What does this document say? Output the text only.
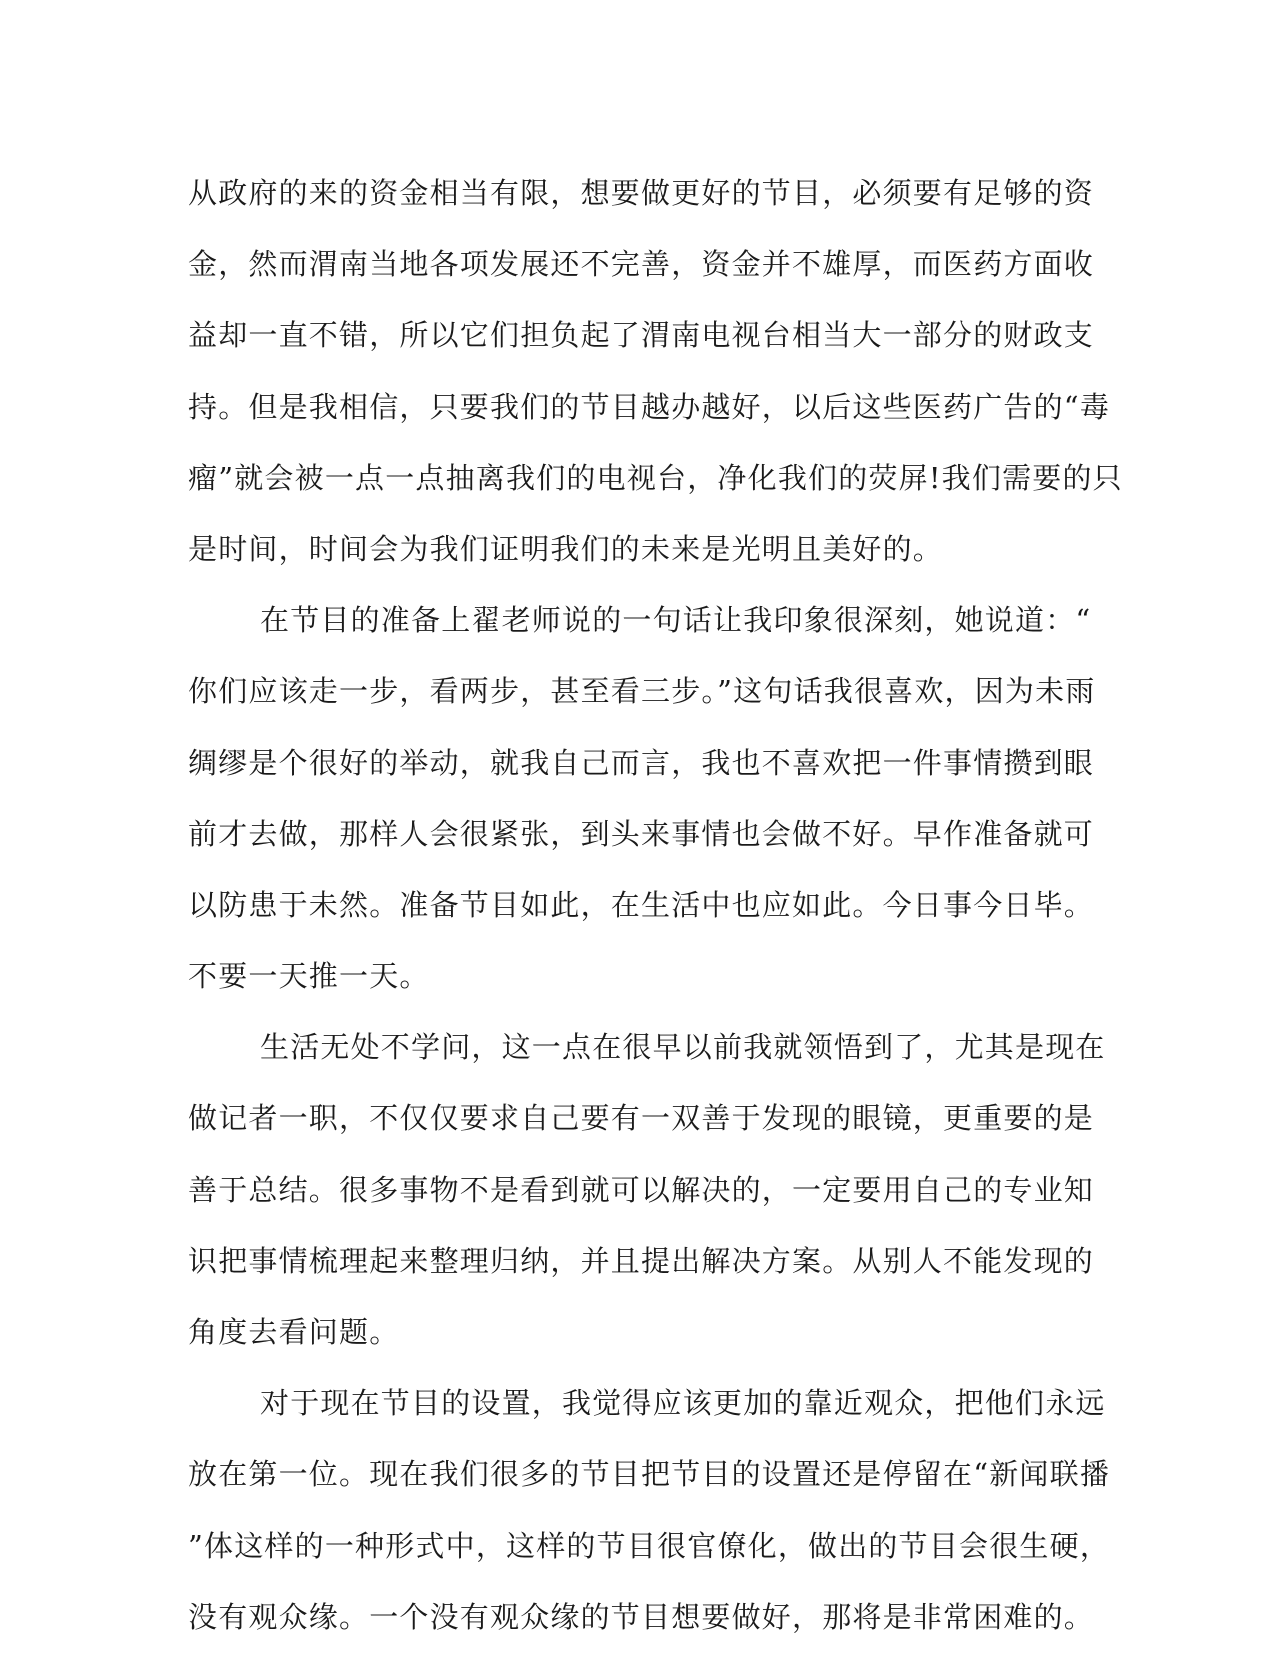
从政府的来的资金相当有限，想要做更好的节目，必须要有足够的资
金，然而渭南当地各项发展还不完善，资金并不雄厚，而医药方面收
益却一直不错，所以它们担负起了渭南电视台相当大一部分的财政支
持。但是我相信，只要我们的节目越办越好，以后这些医药广告的“毒
瘤”就会被一点一点抽离我们的电视台，净化我们的荧屏!我们需要的只
是时间，时间会为我们证明我们的未来是光明且美好的。
在节目的准备上翟老师说的一句话让我印象很深刻，她说道：“
你们应该走一步，看两步，甚至看三步。”这句话我很喜欢，因为未雨
绸缪是个很好的举动，就我自己而言，我也不喜欢把一件事情攒到眼
前才去做，那样人会很紧张，到头来事情也会做不好。早作准备就可
以防患于未然。准备节目如此，在生活中也应如此。今日事今日毕。
不要一天推一天。
生活无处不学问，这一点在很早以前我就领悟到了，尤其是现在
做记者一职，不仅仅要求自己要有一双善于发现的眼镜，更重要的是
善于总结。很多事物不是看到就可以解决的，一定要用自己的专业知
识把事情梳理起来整理归纳，并且提出解决方案。从别人不能发现的
角度去看问题。
对于现在节目的设置，我觉得应该更加的靠近观众，把他们永远
放在第一位。现在我们很多的节目把节目的设置还是停留在“新闻联播
”体这样的一种形式中，这样的节目很官僚化，做出的节目会很生硬，
没有观众缘。一个没有观众缘的节目想要做好，那将是非常困难的。
